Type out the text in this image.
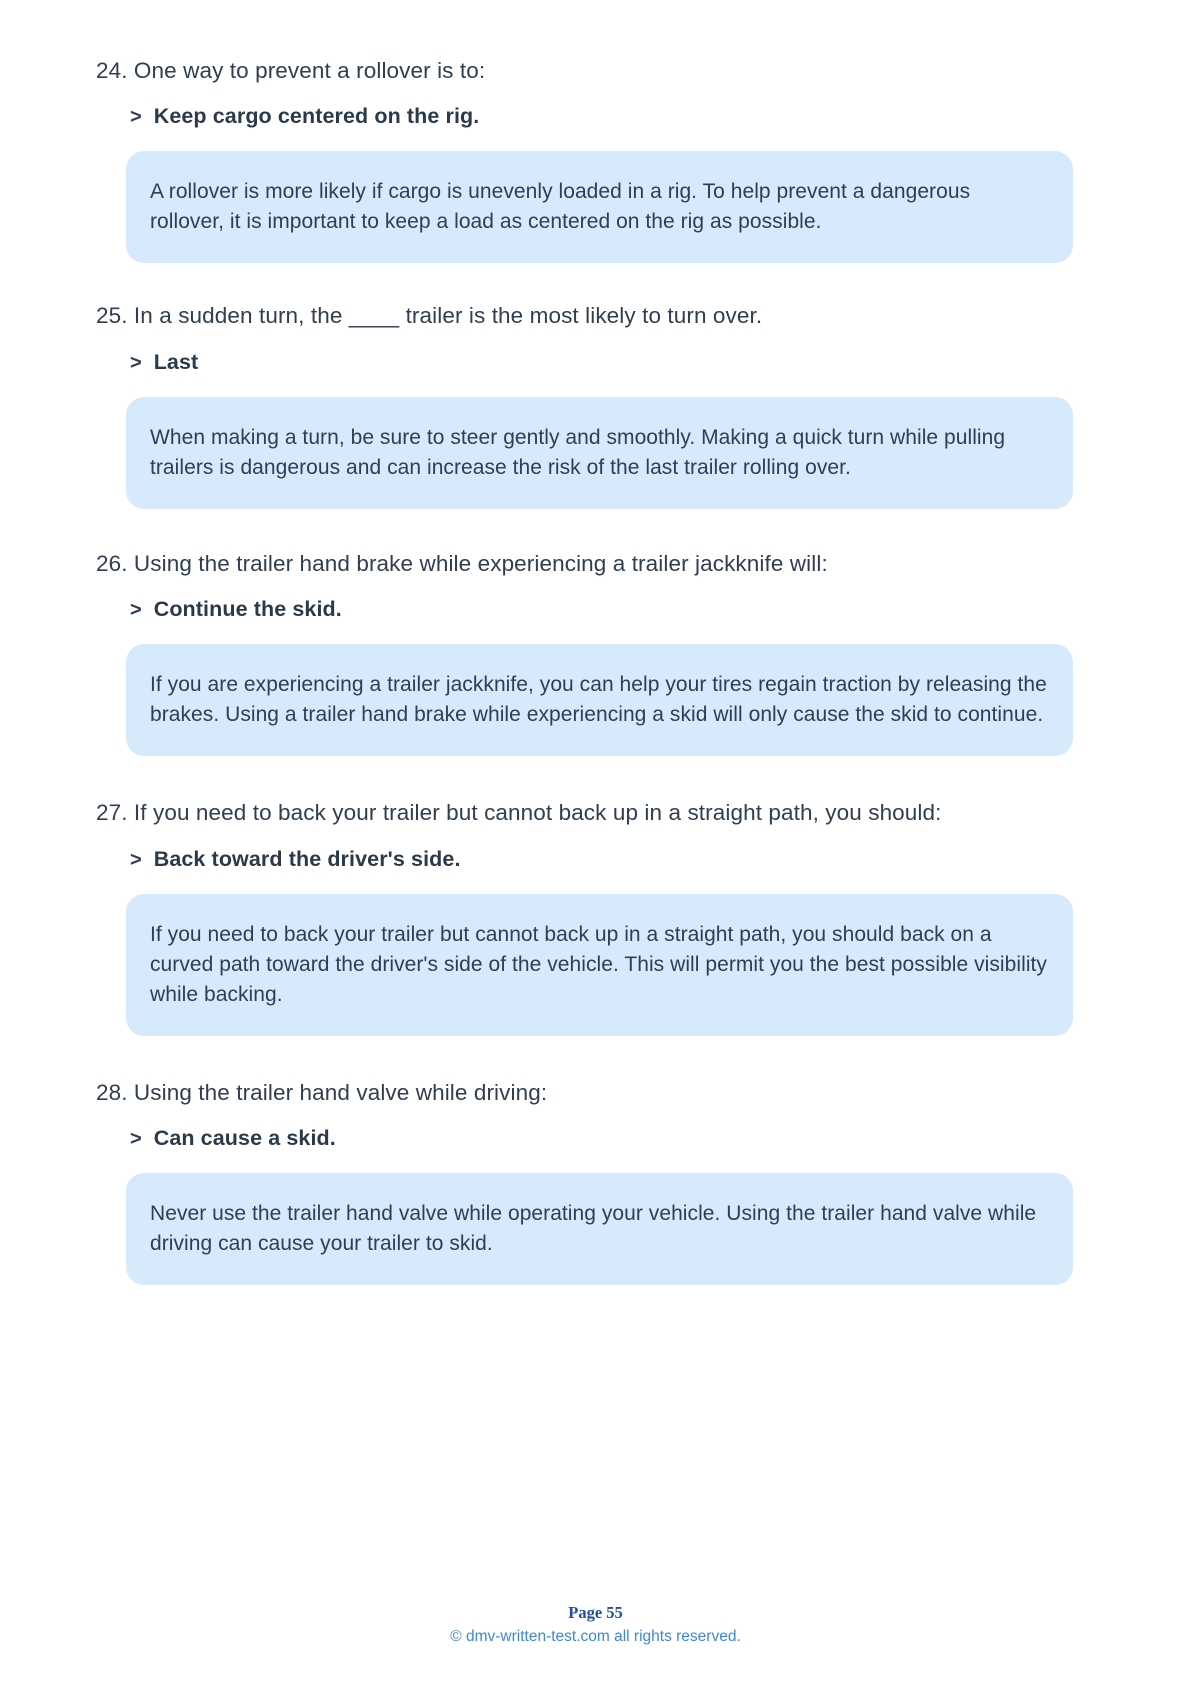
24. One way to prevent a rollover is to:
> Keep cargo centered on the rig.

A rollover is more likely if cargo is unevenly loaded in a rig. To help prevent a dangerous rollover, it is important to keep a load as centered on the rig as possible.

25. In a sudden turn, the ____ trailer is the most likely to turn over.
> Last

When making a turn, be sure to steer gently and smoothly. Making a quick turn while pulling trailers is dangerous and can increase the risk of the last trailer rolling over.

26. Using the trailer hand brake while experiencing a trailer jackknife will:
> Continue the skid.

If you are experiencing a trailer jackknife, you can help your tires regain traction by releasing the brakes. Using a trailer hand brake while experiencing a skid will only cause the skid to continue.

27. If you need to back your trailer but cannot back up in a straight path, you should:
> Back toward the driver's side.

If you need to back your trailer but cannot back up in a straight path, you should back on a curved path toward the driver's side of the vehicle. This will permit you the best possible visibility while backing.

28. Using the trailer hand valve while driving:
> Can cause a skid.

Never use the trailer hand valve while operating your vehicle. Using the trailer hand valve while driving can cause your trailer to skid.

Page 55
© dmv-written-test.com all rights reserved.
